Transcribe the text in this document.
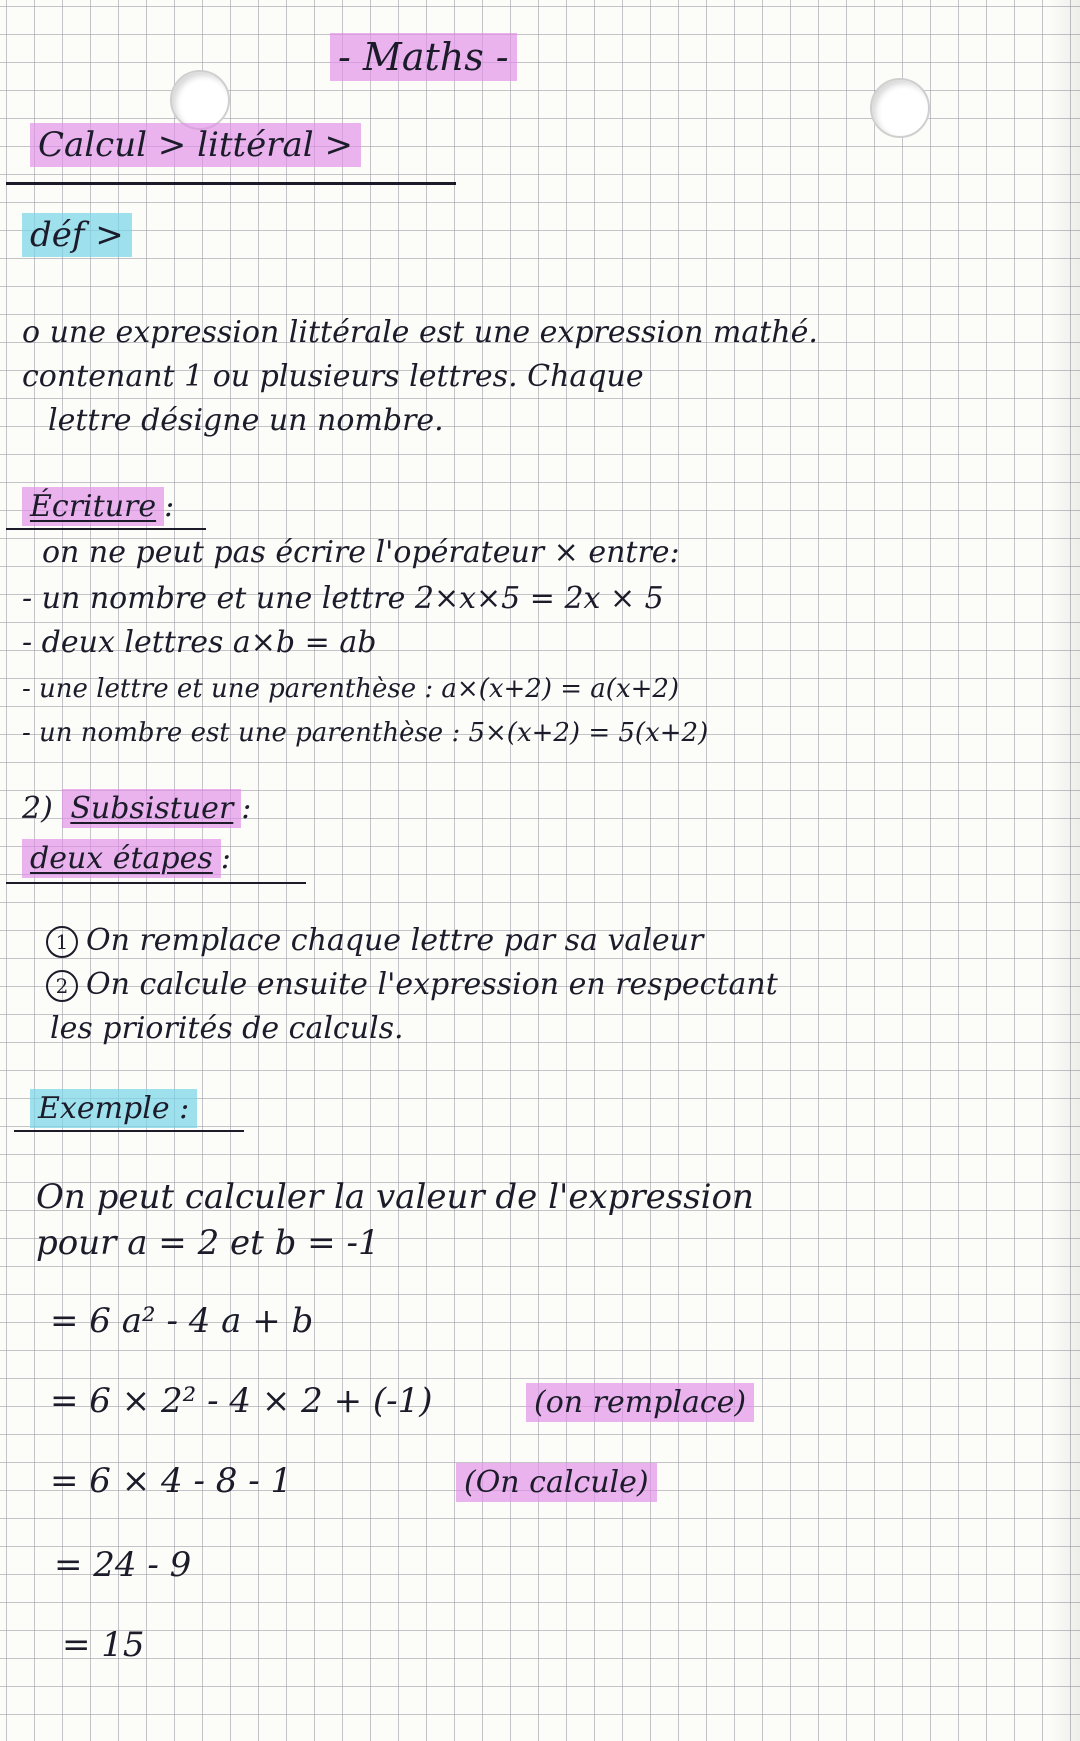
- Maths -
Calcul > littéral >
déf >
o une expression littérale est une expression mathé.
contenant 1 ou plusieurs lettres. Chaque
lettre désigne un nombre.
Écriture :
on ne peut pas écrire l'opérateur × entre:
- un nombre et une lettre 2×x×5 = 2x × 5
- deux lettres a×b = ab
- une lettre et une parenthèse : a×(x+2) = a(x+2)
- un nombre est une parenthèse : 5×(x+2) = 5(x+2)
2) Subsistuer :
deux étapes :
1 On remplace chaque lettre par sa valeur
2 On calcule ensuite l'expression en respectant
les priorités de calculs.
Exemple :
On peut calculer la valeur de l'expression
pour a = 2 et b = -1
= 6 a² - 4 a + b
= 6 × 2² - 4 × 2 + (-1)	(on remplace)
= 6 × 4 - 8 - 1	(On calcule)
= 24 - 9
= 15
